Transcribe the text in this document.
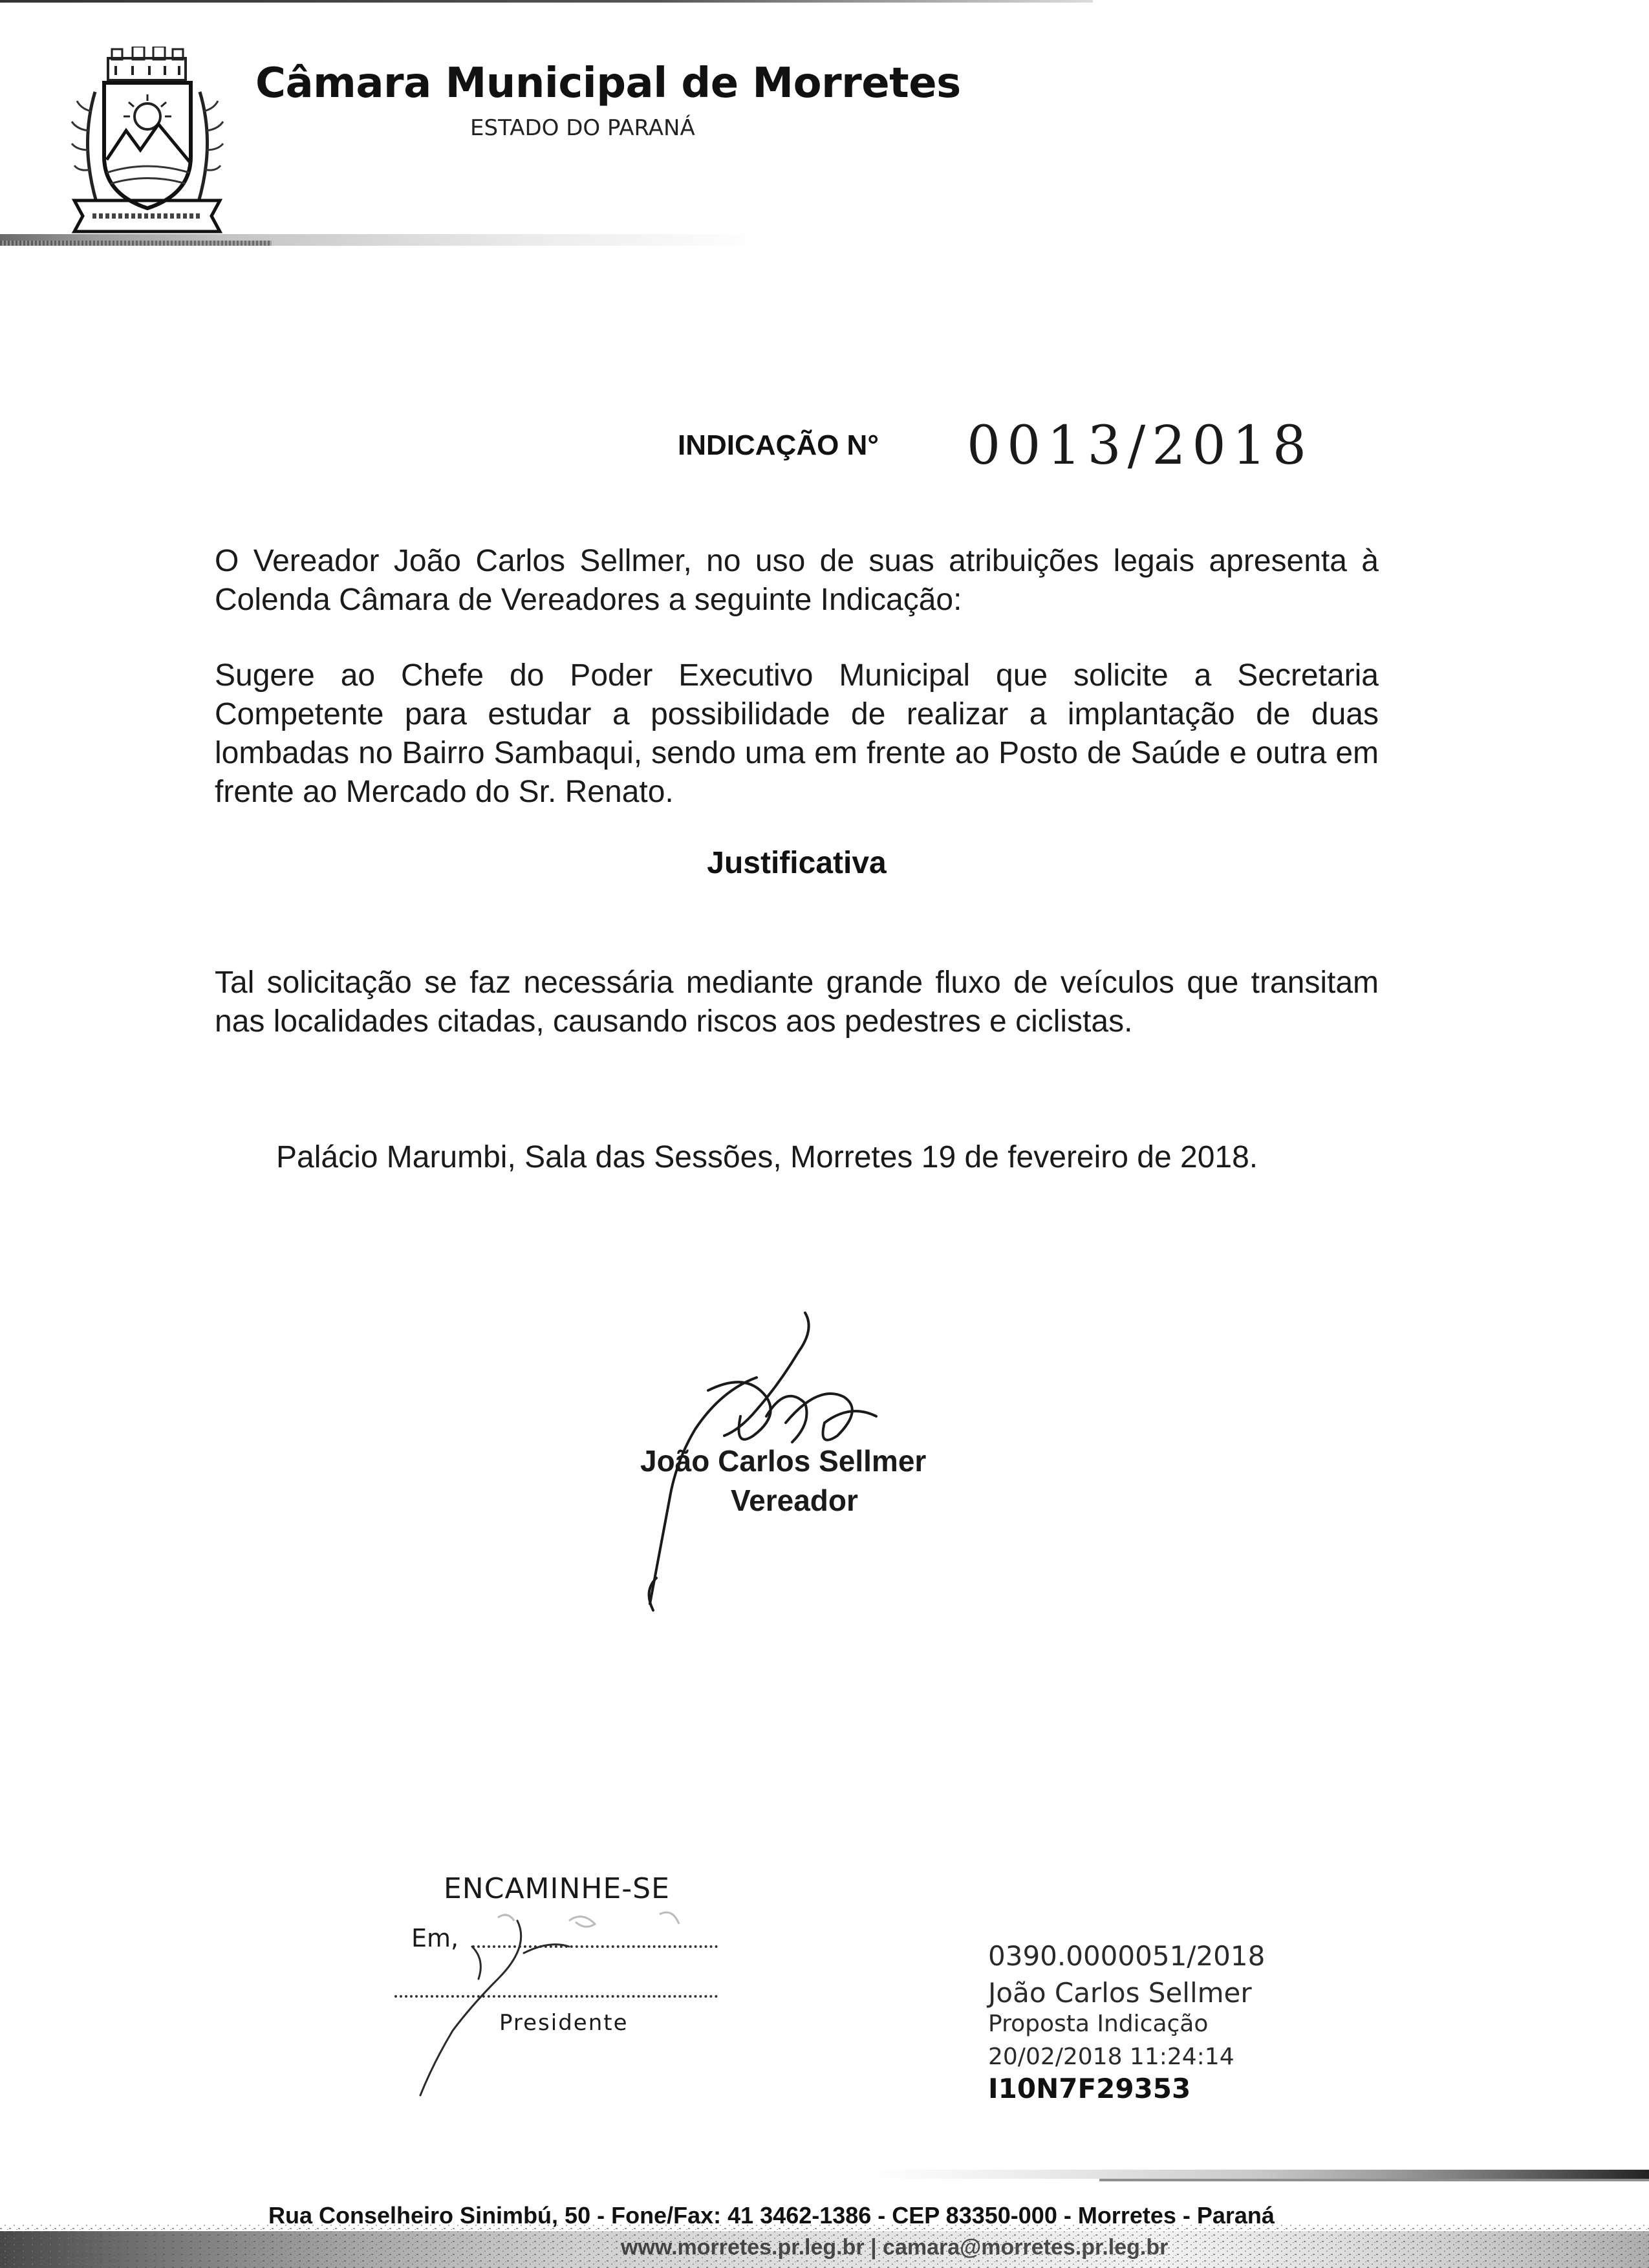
Câmara Municipal de Morretes
ESTADO DO PARANÁ
INDICAÇÃO N° 0013/2018
O Vereador João Carlos Sellmer, no uso de suas atribuições legais apresenta à Colenda Câmara de Vereadores a seguinte Indicação:
Sugere ao Chefe do Poder Executivo Municipal que solicite a Secretaria Competente para estudar a possibilidade de realizar a implantação de duas lombadas no Bairro Sambaqui, sendo uma em frente ao Posto de Saúde e outra em frente ao Mercado do Sr. Renato.
Justificativa
Tal solicitação se faz necessária mediante grande fluxo de veículos que transitam nas localidades citadas, causando riscos aos pedestres e ciclistas.
Palácio Marumbi, Sala das Sessões, Morretes 19 de fevereiro de 2018.
João Carlos Sellmer
Vereador
ENCAMINHE-SE
Em,
Presidente
0390.0000051/2018
João Carlos Sellmer
Proposta Indicação
20/02/2018 11:24:14
I10N7F29353
Rua Conselheiro Sinimbú, 50 - Fone/Fax: 41 3462-1386 - CEP 83350-000 - Morretes - Paraná
www.morretes.pr.leg.br | camara@morretes.pr.leg.br
